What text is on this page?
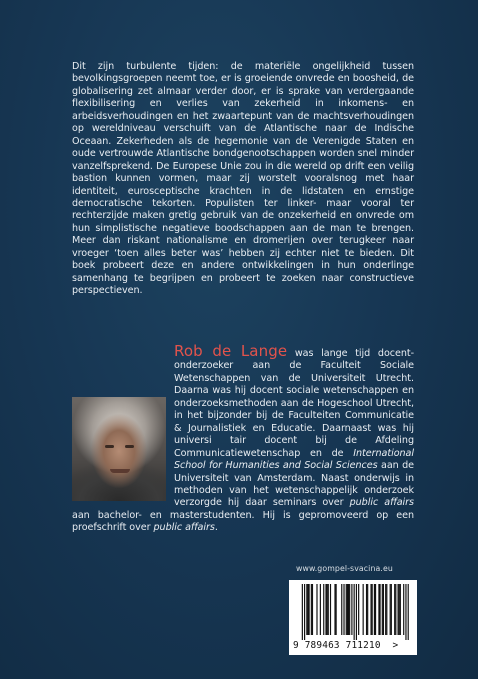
Dit zijn turbulente tijden: de materiële ongelijkheid tussen bevolkingsgroepen neemt toe, er is groeiende onvrede en boosheid, de globalisering zet almaar verder door, er is sprake van verdergaande flexibilisering en verlies van zekerheid in inkomens- en arbeidsverhoudingen en het zwaartepunt van de machtsverhoudingen op wereldniveau verschuift van de Atlantische naar de Indische Oceaan. Zekerheden als de hegemonie van de Verenigde Staten en oude vertrouwde Atlantische bondgenootschappen worden snel minder vanzelfsprekend. De Europese Unie zou in die wereld op drift een veilig bastion kunnen vormen, maar zij worstelt vooralsnog met haar identiteit, eurosceptische krachten in de lidstaten en ernstige democratische tekorten. Populisten ter linker- maar vooral ter rechterzijde maken gretig gebruik van de onzekerheid en onvrede om hun simplistische negatieve boodschappen aan de man te brengen. Meer dan riskant nationalisme en dromerijen over terugkeer naar vroeger ‘toen alles beter was’ hebben zij echter niet te bieden. Dit boek probeert deze en andere ontwikkelingen in hun onderlinge samenhang te begrijpen en probeert te zoeken naar constructieve perspectieven.
Rob de Lange was lange tijd docent-onderzoeker aan de Faculteit Sociale Wetenschappen van de Universiteit Utrecht. Daarna was hij docent sociale wetenschappen en onderzoeksmethoden aan de Hogeschool Utrecht, in het bijzonder bij de Faculteiten Communicatie & Journalistiek en Educatie. Daarnaast was hij universi tair docent bij de Afdeling Communicatiewetenschap en de International School for Humanities and Social Sciences aan de Universiteit van Amsterdam. Naast onderwijs in methoden van het wetenschappelijk onderzoek verzorgde hij daar seminars over public affairs aan bachelor- en masterstudenten. Hij is gepromoveerd op een proefschrift over public affairs.
www.gompel-svacina.eu
9 789463 711210 >
